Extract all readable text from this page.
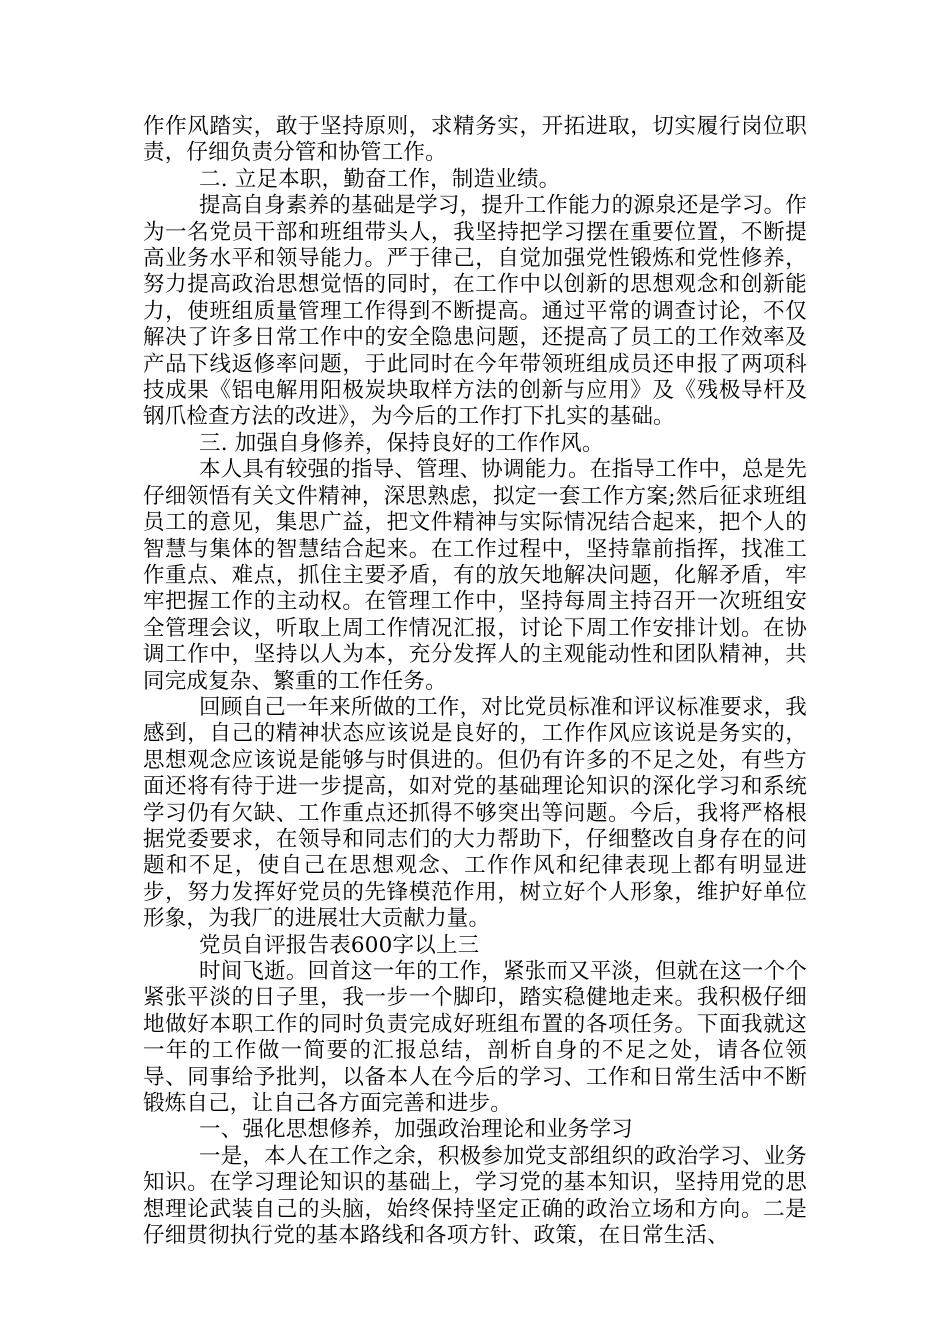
作作风踏实，敢于坚持原则，求精务实，开拓进取，切实履行岗位职责，仔细负责分管和协管工作。

二. 立足本职，勤奋工作，制造业绩。

提高自身素养的基础是学习，提升工作能力的源泉还是学习。作为一名党员干部和班组带头人，我坚持把学习摆在重要位置，不断提高业务水平和领导能力。严于律己，自觉加强党性锻炼和党性修养，努力提高政治思想觉悟的同时，在工作中以创新的思想观念和创新能力，使班组质量管理工作得到不断提高。通过平常的调查讨论，不仅解决了许多日常工作中的安全隐患问题，还提高了员工的工作效率及产品下线返修率问题，于此同时在今年带领班组成员还申报了两项科技成果《铝电解用阳极炭块取样方法的创新与应用》及《残极导杆及钢爪检查方法的改进》，为今后的工作打下扎实的基础。

三. 加强自身修养，保持良好的工作作风。

本人具有较强的指导、管理、协调能力。在指导工作中，总是先仔细领悟有关文件精神，深思熟虑，拟定一套工作方案;然后征求班组员工的意见，集思广益，把文件精神与实际情况结合起来，把个人的智慧与集体的智慧结合起来。在工作过程中，坚持靠前指挥，找准工作重点、难点，抓住主要矛盾，有的放矢地解决问题，化解矛盾，牢牢把握工作的主动权。在管理工作中，坚持每周主持召开一次班组安全管理会议，听取上周工作情况汇报，讨论下周工作安排计划。在协调工作中，坚持以人为本，充分发挥人的主观能动性和团队精神，共同完成复杂、繁重的工作任务。

回顾自己一年来所做的工作，对比党员标准和评议标准要求，我感到，自己的精神状态应该说是良好的，工作作风应该说是务实的，思想观念应该说是能够与时俱进的。但仍有许多的不足之处，有些方面还将有待于进一步提高，如对党的基础理论知识的深化学习和系统学习仍有欠缺、工作重点还抓得不够突出等问题。今后，我将严格根据党委要求，在领导和同志们的大力帮助下，仔细整改自身存在的问题和不足，使自己在思想观念、工作作风和纪律表现上都有明显进步，努力发挥好党员的先锋模范作用，树立好个人形象，维护好单位形象，为我厂的进展壮大贡献力量。

党员自评报告表600字以上三

时间飞逝。回首这一年的工作，紧张而又平淡，但就在这一个个紧张平淡的日子里，我一步一个脚印，踏实稳健地走来。我积极仔细地做好本职工作的同时负责完成好班组布置的各项任务。下面我就这一年的工作做一简要的汇报总结，剖析自身的不足之处，请各位领导、同事给予批判，以备本人在今后的学习、工作和日常生活中不断锻炼自己，让自己各方面完善和进步。

一、强化思想修养，加强政治理论和业务学习

一是，本人在工作之余，积极参加党支部组织的政治学习、业务知识。在学习理论知识的基础上，学习党的基本知识，坚持用党的思想理论武装自己的头脑，始终保持坚定正确的政治立场和方向。二是仔细贯彻执行党的基本路线和各项方针、政策，在日常生活、
